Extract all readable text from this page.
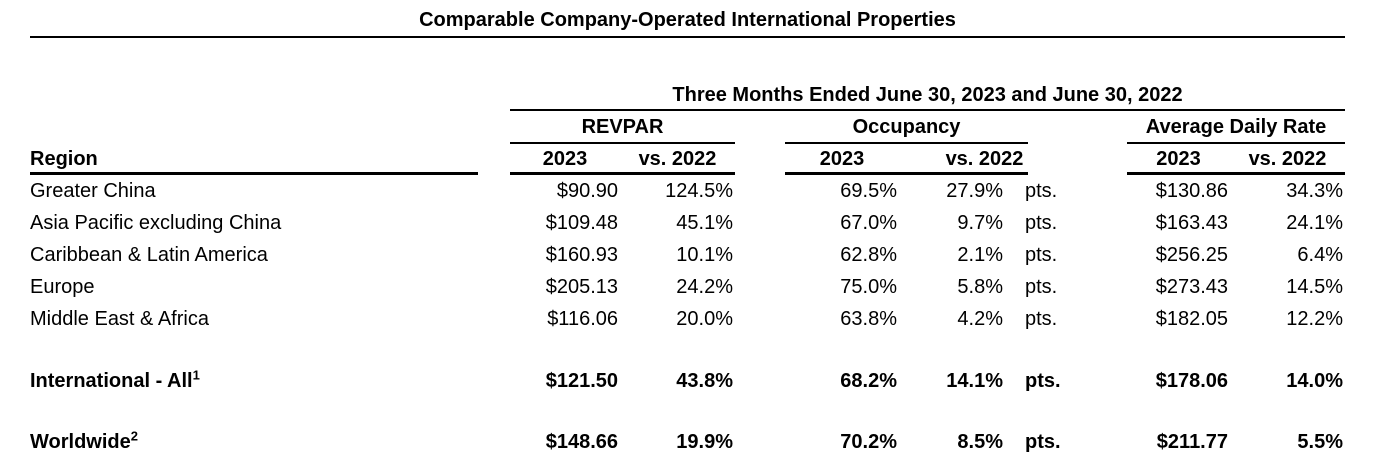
Comparable Company-Operated International Properties
	Three Months Ended June 30, 2023 and June 30, 2022								
	REVPAR			Occupancy				Average Daily Rate	
Region	2023	vs. 2022		2023	vs. 2022			2023	vs. 2022
Greater China	$90.90	124.5%		69.5%	27.9%	pts.		$130.86	34.3%
Asia Pacific excluding China	$109.48	45.1%		67.0%	9.7%	pts.		$163.43	24.1%
Caribbean & Latin America	$160.93	10.1%		62.8%	2.1%	pts.		$256.25	6.4%
Europe	$205.13	24.2%		75.0%	5.8%	pts.		$273.43	14.5%
Middle East & Africa	$116.06	20.0%		63.8%	4.2%	pts.		$182.05	12.2%

International - All$^1$	$121.50	43.8%		68.2%	14.1%	pts.		$178.06	14.0%

Worldwide$^2$	$148.66	19.9%		70.2%	8.5%	pts.		$211.77	5.5%
